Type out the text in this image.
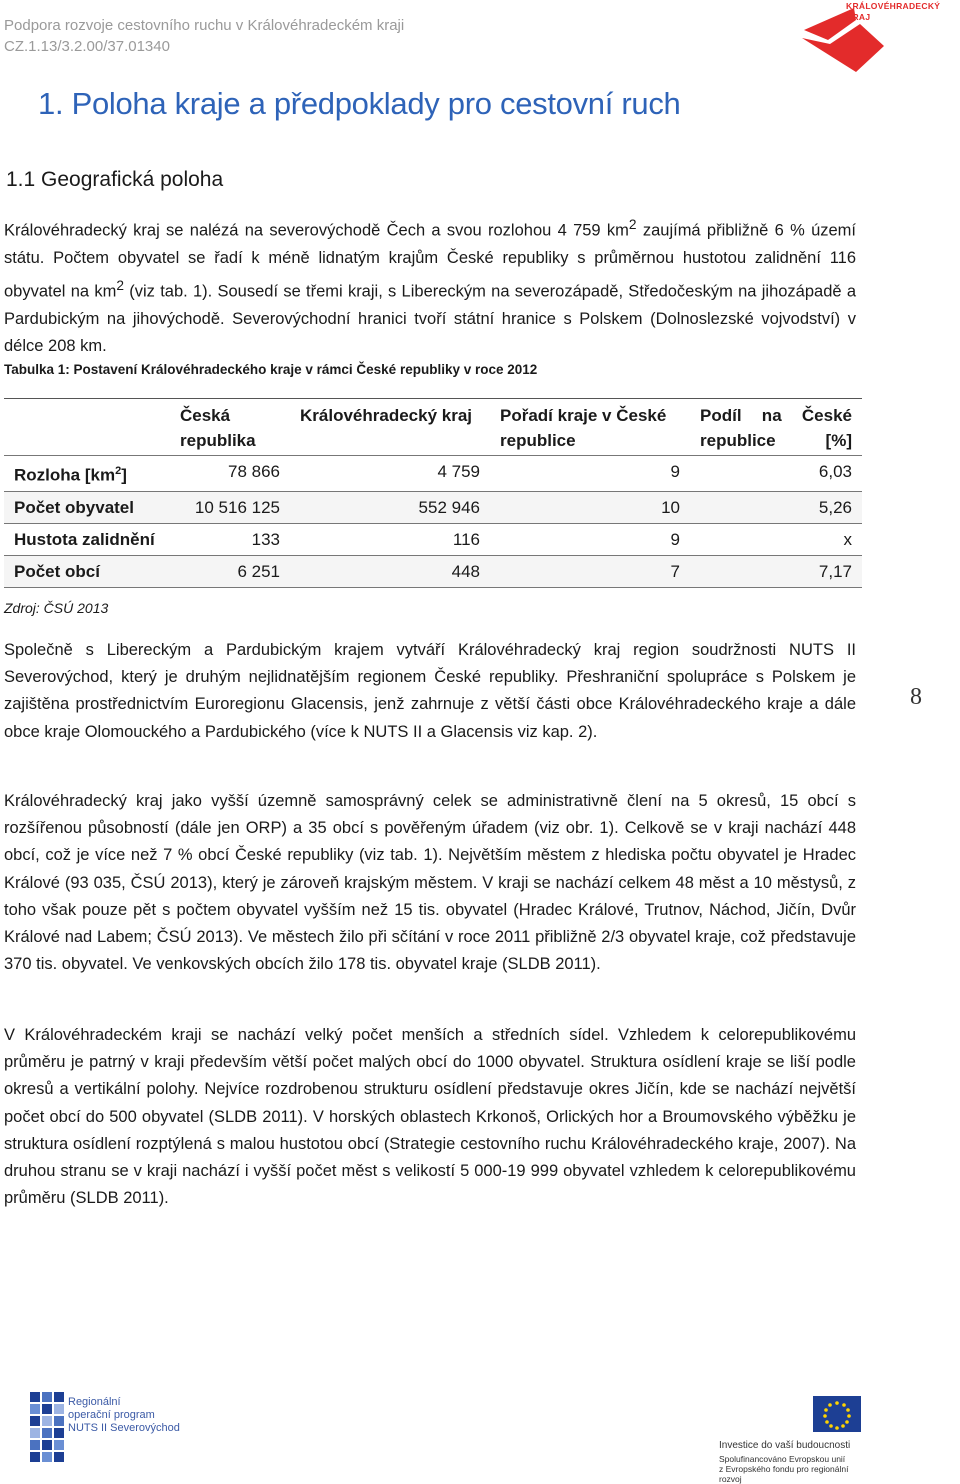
Podpora rozvoje cestovního ruchu v Královéhradeckém kraji
CZ.1.13/3.2.00/37.01340
KRÁLOVÉHRADECKÝ KRAJ
1. Poloha kraje a předpoklady pro cestovní ruch
1.1 Geografická poloha
Královéhradecký kraj se nalézá na severovýchodě Čech a svou rozlohou 4 759 $km^2$ zaujímá přibližně 6 % území státu. Počtem obyvatel se řadí k méně lidnatým krajům České republiky s průměrnou hustotou zalidnění 116 obyvatel na $km^2$ (viz tab. 1). Sousedí se třemi kraji, s Libereckým na severozápadě, Středočeským na jihozápadě a Pardubickým na jihovýchodě. Severovýchodní hranici tvoří státní hranice s Polskem (Dolnoslezské vojvodství) v délce 208 km.
Tabulka 1: Postavení Královéhradeckého kraje v rámci České republiky v roce 2012
	Česká republika	Královéhradecký kraj	Pořadí kraje v České republice	Podíl na České republice [%]
Rozloha $[km^2]$	78 866	4 759	9	6,03
Počet obyvatel	10 516 125	552 946	10	5,26
Hustota zalidnění	133	116	9	x
Počet obcí	6 251	448	7	7,17
Zdroj: ČSÚ 2013
Společně s Libereckým a Pardubickým krajem vytváří Královéhradecký kraj region soudržnosti NUTS II Severovýchod, který je druhým nejlidnatějším regionem České republiky. Přeshraniční spolupráce s Polskem je zajištěna prostřednictvím Euroregionu Glacensis, jenž zahrnuje z větší části obce Královéhradeckého kraje a dále obce kraje Olomouckého a Pardubického (více k NUTS II a Glacensis viz kap. 2).
8
Královéhradecký kraj jako vyšší územně samosprávný celek se administrativně člení na 5 okresů, 15 obcí s rozšířenou působností (dále jen ORP) a 35 obcí s pověřeným úřadem (viz obr. 1). Celkově se v kraji nachází 448 obcí, což je více než 7 % obcí České republiky (viz tab. 1). Největším městem z hlediska počtu obyvatel je Hradec Králové (93 035, ČSÚ 2013), který je zároveň krajským městem. V kraji se nachází celkem 48 měst a 10 městysů, z toho však pouze pět s počtem obyvatel vyšším než 15 tis. obyvatel (Hradec Králové, Trutnov, Náchod, Jičín, Dvůr Králové nad Labem; ČSÚ 2013). Ve městech žilo při sčítání v roce 2011 přibližně 2/3 obyvatel kraje, což představuje 370 tis. obyvatel. Ve venkovských obcích žilo 178 tis. obyvatel kraje (SLDB 2011).
V Královéhradeckém kraji se nachází velký počet menších a středních sídel. Vzhledem k celorepublikovému průměru je patrný v kraji především větší počet malých obcí do 1000 obyvatel. Struktura osídlení kraje se liší podle okresů a vertikální polohy. Nejvíce rozdrobenou strukturu osídlení představuje okres Jičín, kde se nachází největší počet obcí do 500 obyvatel (SLDB 2011). V horských oblastech Krkonoš, Orlických hor a Broumovského výběžku je struktura osídlení rozptýlená s malou hustotou obcí (Strategie cestovního ruchu Královéhradeckého kraje, 2007). Na druhou stranu se v kraji nachází i vyšší počet měst s velikostí 5 000-19 999 obyvatel vzhledem k celorepublikovému průměru (SLDB 2011).
Regionální
operační program
NUTS II Severovýchod
Investice do vaší budoucnosti
Spolufinancováno Evropskou unií
z Evropského fondu pro regionální rozvoj
